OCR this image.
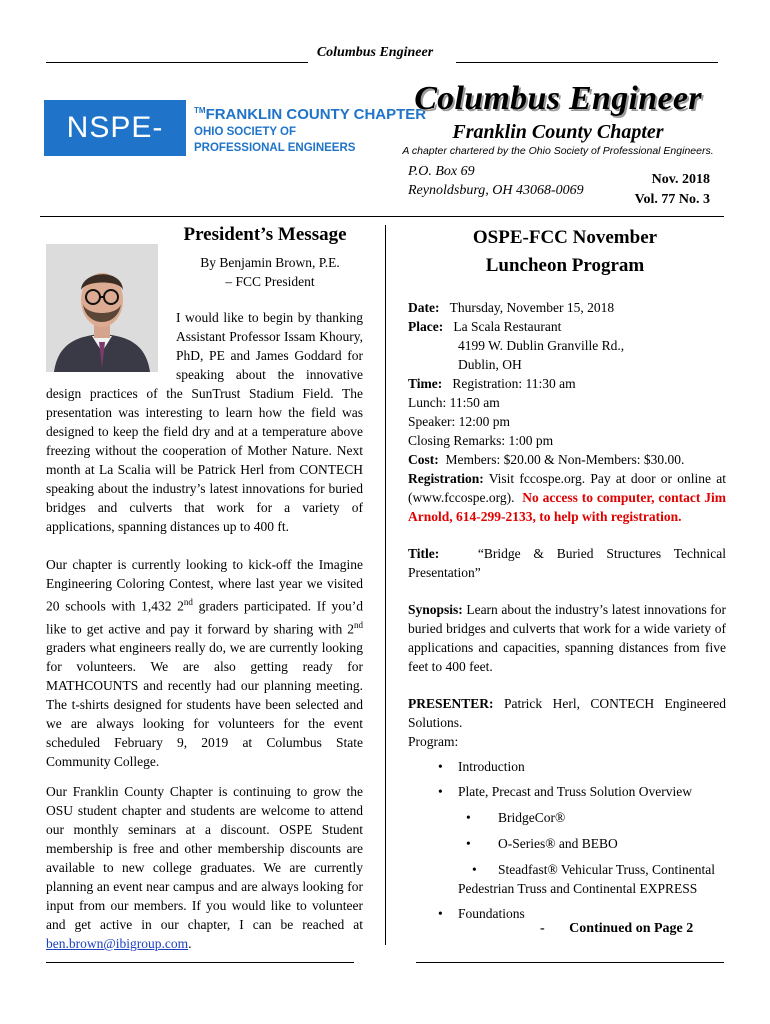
Columbus Engineer
NSPE-OH
™FRANKLIN COUNTY CHAPTER
OHIO SOCIETY OF
PROFESSIONAL ENGINEERS
Columbus Engineer
Franklin County Chapter
A chapter chartered by the Ohio Society of Professional Engineers.
P.O. Box 69
Reynoldsburg, OH 43068-0069
Nov. 2018
Vol. 77 No. 3
President’s Message
By Benjamin Brown, P.E.
– FCC President

I would like to begin by thanking Assistant Professor Issam Khoury, PhD, PE and James Goddard for speaking about the innovative design practices of the SunTrust Stadium Field. The presentation was interesting to learn how the field was designed to keep the field dry and at a temperature above freezing without the cooperation of Mother Nature. Next month at La Scalia will be Patrick Herl from CONTECH speaking about the industry’s latest innovations for buried bridges and culverts that work for a variety of applications, spanning distances up to 400 ft.

Our chapter is currently looking to kick-off the Imagine Engineering Coloring Contest, where last year we visited 20 schools with 1,432 2nd graders participated. If you’d like to get active and pay it forward by sharing with 2nd graders what engineers really do, we are currently looking for volunteers. We are also getting ready for MATHCOUNTS and recently had our planning meeting. The t-shirts designed for students have been selected and we are always looking for volunteers for the event scheduled February 9, 2019 at Columbus State Community College.

Our Franklin County Chapter is continuing to grow the OSU student chapter and students are welcome to attend our monthly seminars at a discount. OSPE Student membership is free and other membership discounts are available to new college graduates. We are currently planning an event near campus and are always looking for input from our members. If you would like to volunteer and get active in our chapter, I can be reached at ben.brown@ibigroup.com.

OSPE-FCC November
Luncheon Program
Date: Thursday, November 15, 2018
Place: La Scala Restaurant
4199 W. Dublin Granville Rd.,
Dublin, OH
Time: Registration: 11:30 am
Lunch: 11:50 am
Speaker: 12:00 pm
Closing Remarks: 1:00 pm
Cost: Members: $20.00 & Non-Members: $30.00.
Registration: Visit fccospe.org. Pay at door or online at (www.fccospe.org). No access to computer, contact Jim Arnold, 614-299-2133, to help with registration.

Title:	“Bridge & Buried Structures Technical Presentation”

Synopsis: Learn about the industry’s latest innovations for buried bridges and culverts that work for a wide variety of applications and capacities, spanning distances from five feet to 400 feet.

PRESENTER: Patrick Herl, CONTECH Engineered Solutions.
Program:

• Introduction
• Plate, Precast and Truss Solution Overview
• BridgeCor®
• O-Series® and BEBO
• Steadfast® Vehicular Truss, Continental
Pedestrian Truss and Continental EXPRESS
• Foundations
- Continued on Page 2
